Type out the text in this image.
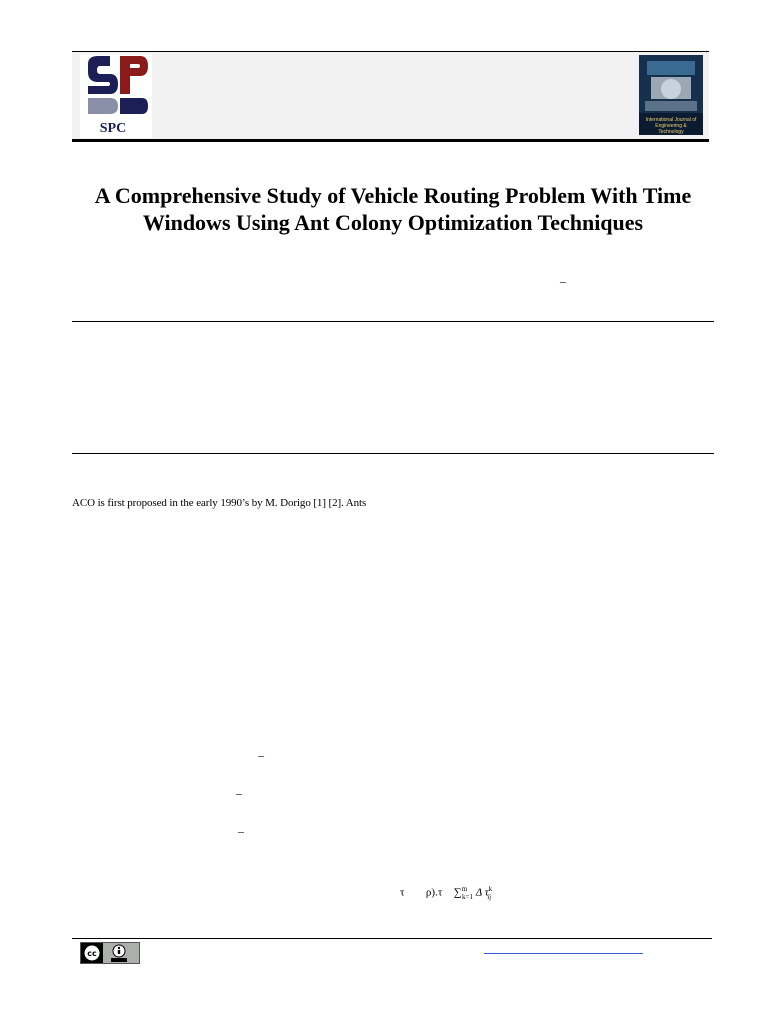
SPC
International Journal of Engineering & Technology
A Comprehensive Study of Vehicle Routing Problem With Time Windows Using Ant Colony Optimization Techniques
–
ACO is first proposed in the early 1990’s by M. Dorigo [1] [2]. Ants
–
–
–
τ ρ).τ ∑$^m_{k=1}$ Δ $\tau^k_{ij}$
cc
